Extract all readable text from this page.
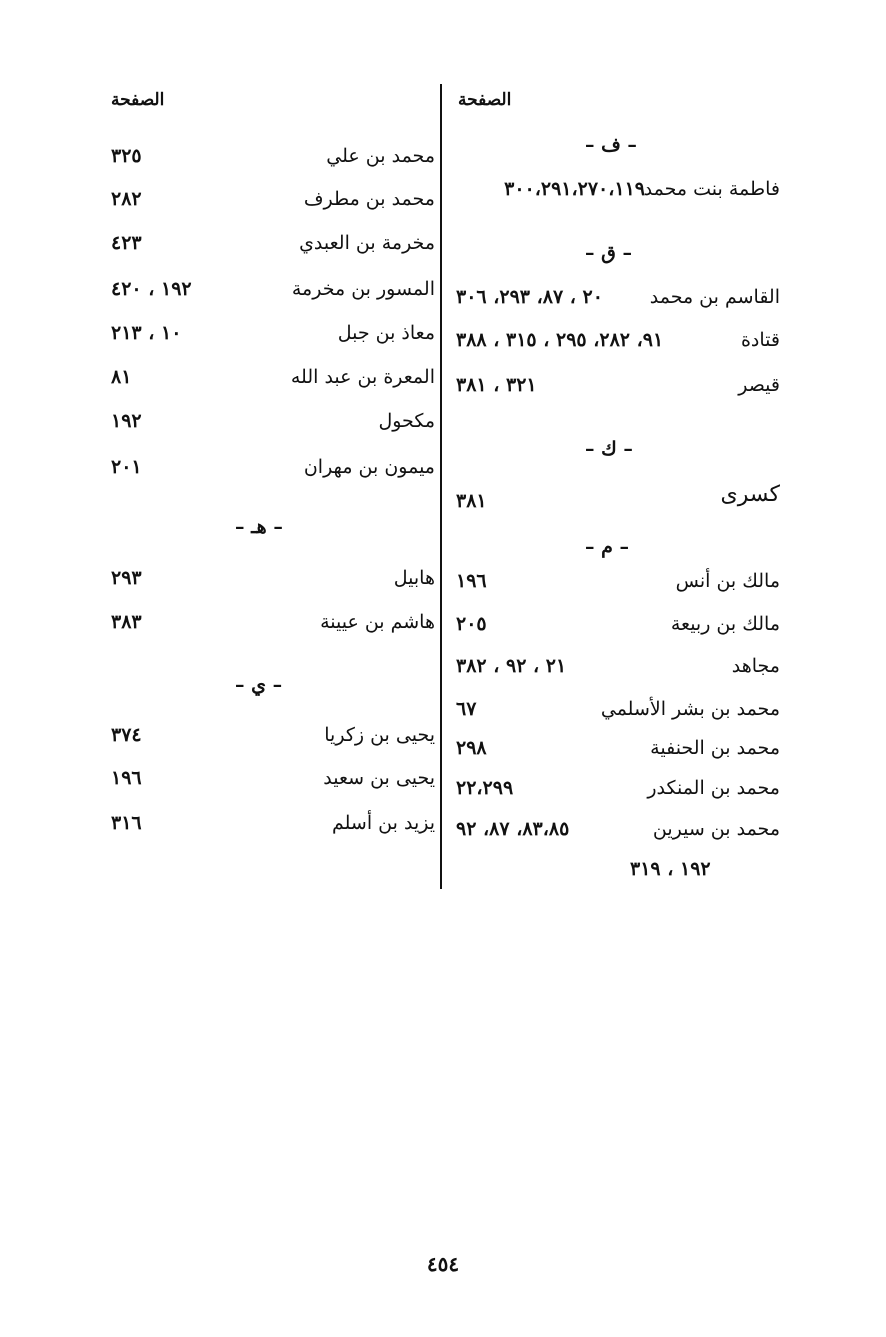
الصفحة
– ف –
فاطمة بنت محمد
٣٠٠،٢٩١،٢٧٠،١١٩
– ق –
القاسم بن محمد
٢٠ ، ٨٧، ٢٩٣، ٣٠٦
قتادة
٩١، ٢٨٢، ٢٩٥ ، ٣١٥ ، ٣٨٨
قيصر
٣٢١ ، ٣٨١
– ك –
كسرى
٣٨١
– م –
مالك بن أنس
١٩٦
مالك بن ربيعة
٢٠٥
مجاهد
٢١ ، ٩٢ ، ٣٨٢
محمد بن بشر الأسلمي
٦٧
محمد بن الحنفية
٢٩٨
محمد بن المنكدر
٢٢،٢٩٩
محمد بن سيرين
٨٣،٨٥، ٨٧، ٩٢
١٩٢ ، ٣١٩
الصفحة
محمد بن علي
٣٢٥
محمد بن مطرف
٢٨٢
مخرمة بن العبدي
٤٢٣
المسور بن مخرمة
١٩٢ ، ٤٢٠
معاذ بن جبل
١٠ ، ٢١٣
المعرة بن عبد الله
٨١
مكحول
١٩٢
ميمون بن مهران
٢٠١
– هـ –
هابيل
٢٩٣
هاشم بن عيينة
٣٨٣
– ي –
يحيى بن زكريا
٣٧٤
يحيى بن سعيد
١٩٦
يزيد بن أسلم
٣١٦
٤٥٤
